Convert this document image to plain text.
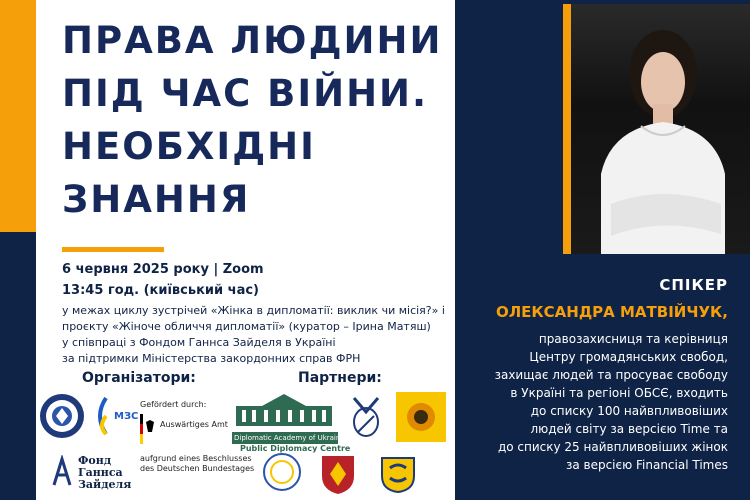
ПРАВА ЛЮДИНИ
ПІД ЧАС ВІЙНИ.
НЕОБХІДНІ
ЗНАННЯ
6 червня 2025 року | Zoom
13:45 год. (київський час)
у межах циклу зустрічей «Жінка в дипломатії: виклик чи місія?» і
проєкту «Жіноче обличчя дипломатії» (куратор – Ірина Матяш)
у співпраці з Фондом Ганнса Зайделя в Україні
за підтримки Міністерства закордонних справ ФРН
Організатори:	Партнери:
МЗС
Gefördert durch:
Auswärtiges Amt
aufgrund eines Beschlusses
des Deutschen Bundestages
Фонд
Ганнса
Зайделя
Diplomatic Academy of Ukraine
Public Diplomacy Centre
СПІКЕР
ОЛЕКСАНДРА МАТВІЙЧУК,
правозахисниця та керівниця
Центру громадянських свобод,
захищає людей та просуває свободу
в Україні та регіоні ОБСЄ, входить
до списку 100 найвпливовіших
людей світу за версією Time та
до списку 25 найвпливовіших жінок
за версією Financial Times
